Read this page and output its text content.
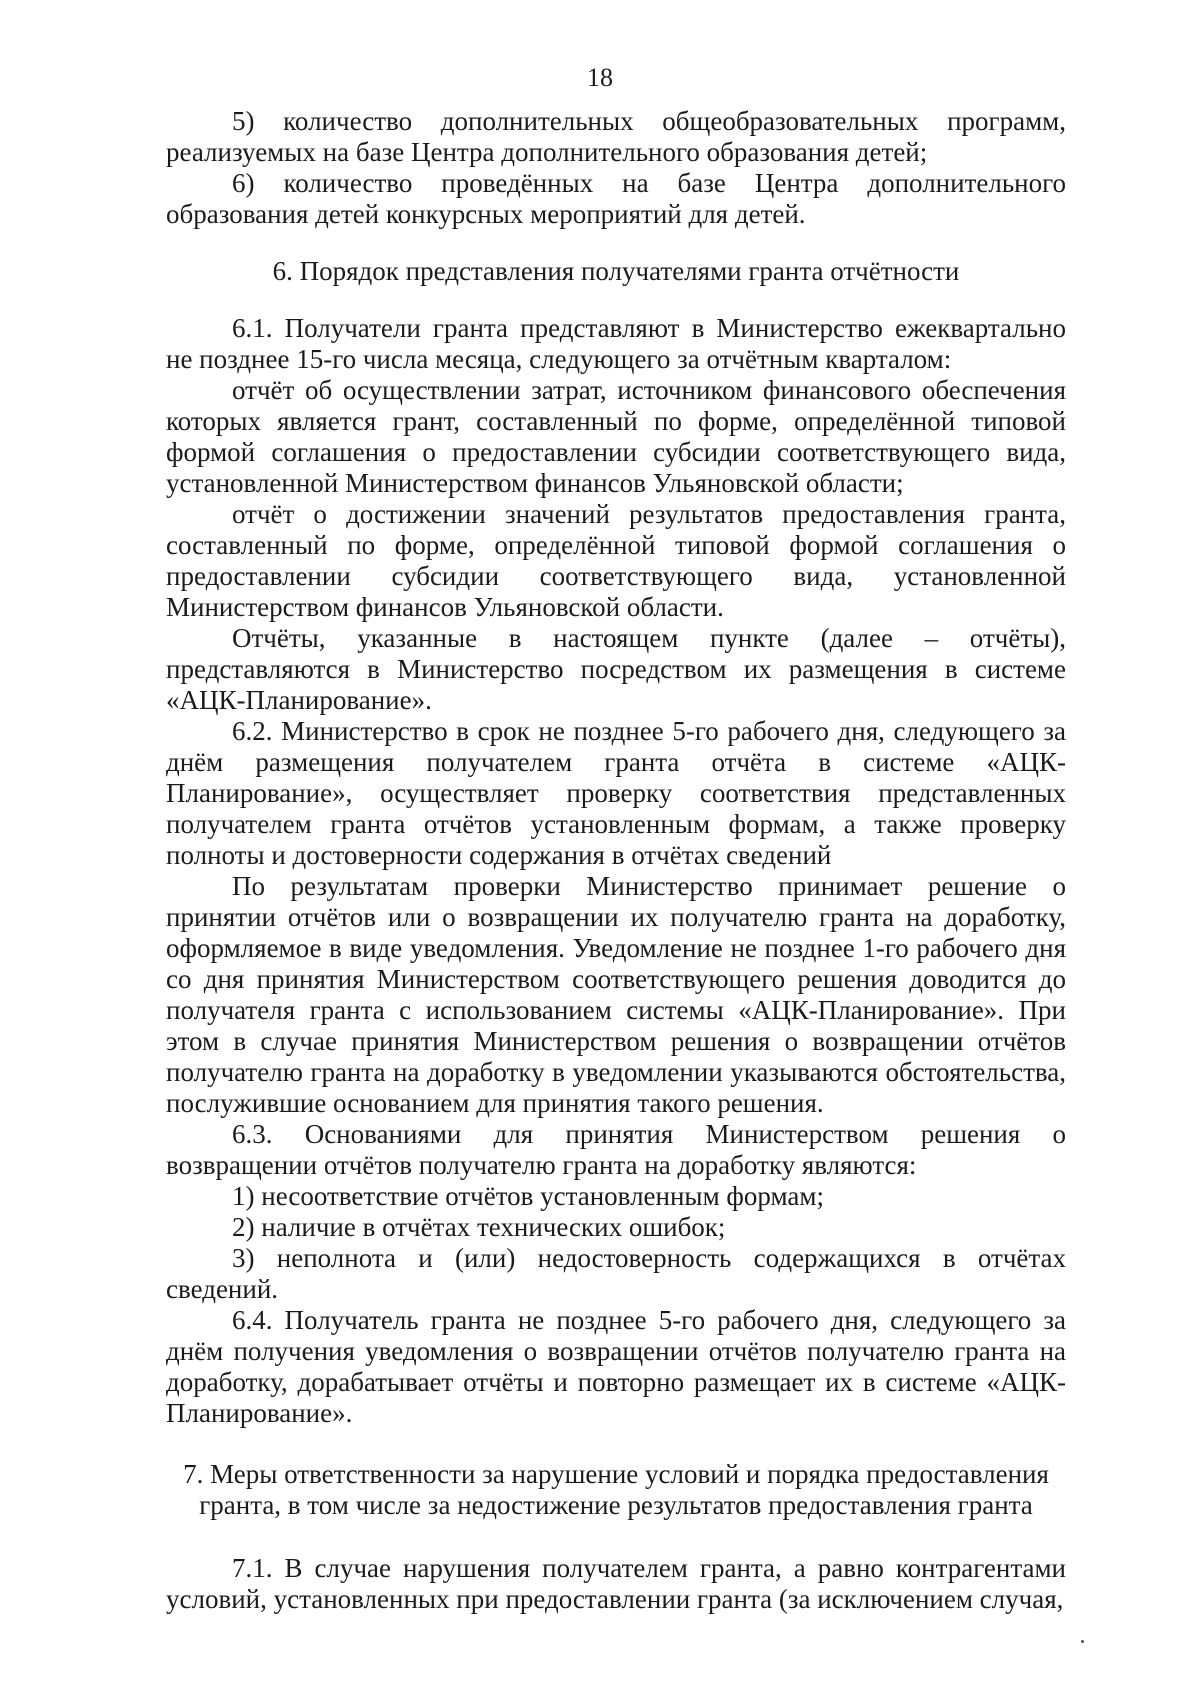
18

5) количество дополнительных общеобразовательных программ, реализуемых на базе Центра дополнительного образования детей;

6) количество проведённых на базе Центра дополнительного образования детей конкурсных мероприятий для детей.

6. Порядок представления получателями гранта отчётности

6.1. Получатели гранта представляют в Министерство ежеквартально не позднее 15-го числа месяца, следующего за отчётным кварталом:

отчёт об осуществлении затрат, источником финансового обеспечения которых является грант, составленный по форме, определённой типовой формой соглашения о предоставлении субсидии соответствующего вида, установленной Министерством финансов Ульяновской области;

отчёт о достижении значений результатов предоставления гранта, составленный по форме, определённой типовой формой соглашения о предоставлении субсидии соответствующего вида, установленной Министерством финансов Ульяновской области.

Отчёты, указанные в настоящем пункте (далее – отчёты), представляются в Министерство посредством их размещения в системе «АЦК-Планирование».

6.2. Министерство в срок не позднее 5-го рабочего дня, следующего за днём размещения получателем гранта отчёта в системе «АЦК-Планирование», осуществляет проверку соответствия представленных получателем гранта отчётов установленным формам, а также проверку полноты и достоверности содержания в отчётах сведений

По результатам проверки Министерство принимает решение о принятии отчётов или о возвращении их получателю гранта на доработку, оформляемое в виде уведомления. Уведомление не позднее 1-го рабочего дня со дня принятия Министерством соответствующего решения доводится до получателя гранта с использованием системы «АЦК-Планирование». При этом в случае принятия Министерством решения о возвращении отчётов получателю гранта на доработку в уведомлении указываются обстоятельства, послужившие основанием для принятия такого решения.

6.3. Основаниями для принятия Министерством решения о возвращении отчётов получателю гранта на доработку являются:

1) несоответствие отчётов установленным формам;

2) наличие в отчётах технических ошибок;

3) неполнота и (или) недостоверность содержащихся в отчётах сведений.

6.4. Получатель гранта не позднее 5-го рабочего дня, следующего за днём получения уведомления о возвращении отчётов получателю гранта на доработку, дорабатывает отчёты и повторно размещает их в системе «АЦК-Планирование».

7. Меры ответственности за нарушение условий и порядка предоставления гранта, в том числе за недостижение результатов предоставления гранта

7.1. В случае нарушения получателем гранта, а равно контрагентами условий, установленных при предоставлении гранта (за исключением случая,
